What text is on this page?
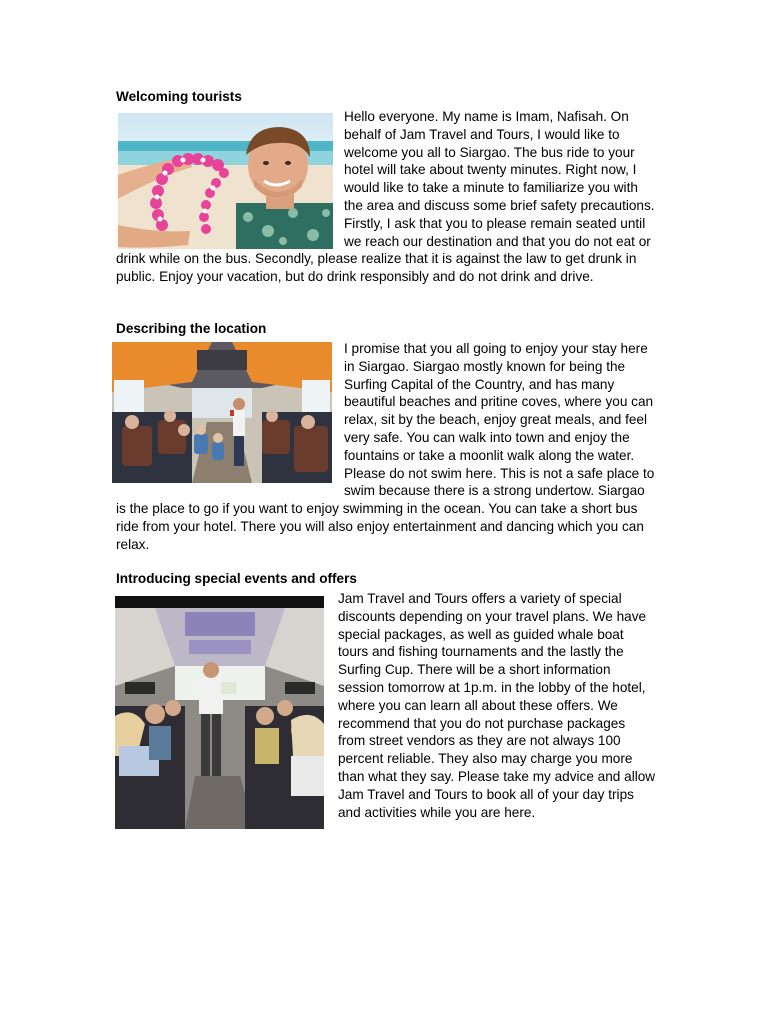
Welcoming tourists

Hello everyone. My name is Imam, Nafisah. On behalf of Jam Travel and Tours, I would like to welcome you all to Siargao. The bus ride to your hotel will take about twenty minutes. Right now, I would like to take a minute to familiarize you with the area and discuss some brief safety precautions. Firstly, I ask that you to please remain seated until we reach our destination and that you do not eat or drink while on the bus. Secondly, please realize that it is against the law to get drunk in public. Enjoy your vacation, but do drink responsibly and do not drink and drive.

Describing the location

I promise that you all going to enjoy your stay here in Siargao. Siargao mostly known for being the Surfing Capital of the Country, and has many beautiful beaches and pritine coves, where you can relax, sit by the beach, enjoy great meals, and feel very safe. You can walk into town and enjoy the fountains or take a moonlit walk along the water. Please do not swim here. This is not a safe place to swim because there is a strong undertow. Siargao is the place to go if you want to enjoy swimming in the ocean. You can take a short bus ride from your hotel. There you will also enjoy entertainment and dancing which you can relax.

Introducing special events and offers

Jam Travel and Tours offers a variety of special discounts depending on your travel plans. We have special packages, as well as guided whale boat tours and fishing tournaments and the lastly the Surfing Cup. There will be a short information session tomorrow at 1p.m. in the lobby of the hotel, where you can learn all about these offers. We recommend that you do not purchase packages from street vendors as they are not always 100 percent reliable. They also may charge you more than what they say. Please take my advice and allow Jam Travel and Tours to book all of your day trips and activities while you are here.
